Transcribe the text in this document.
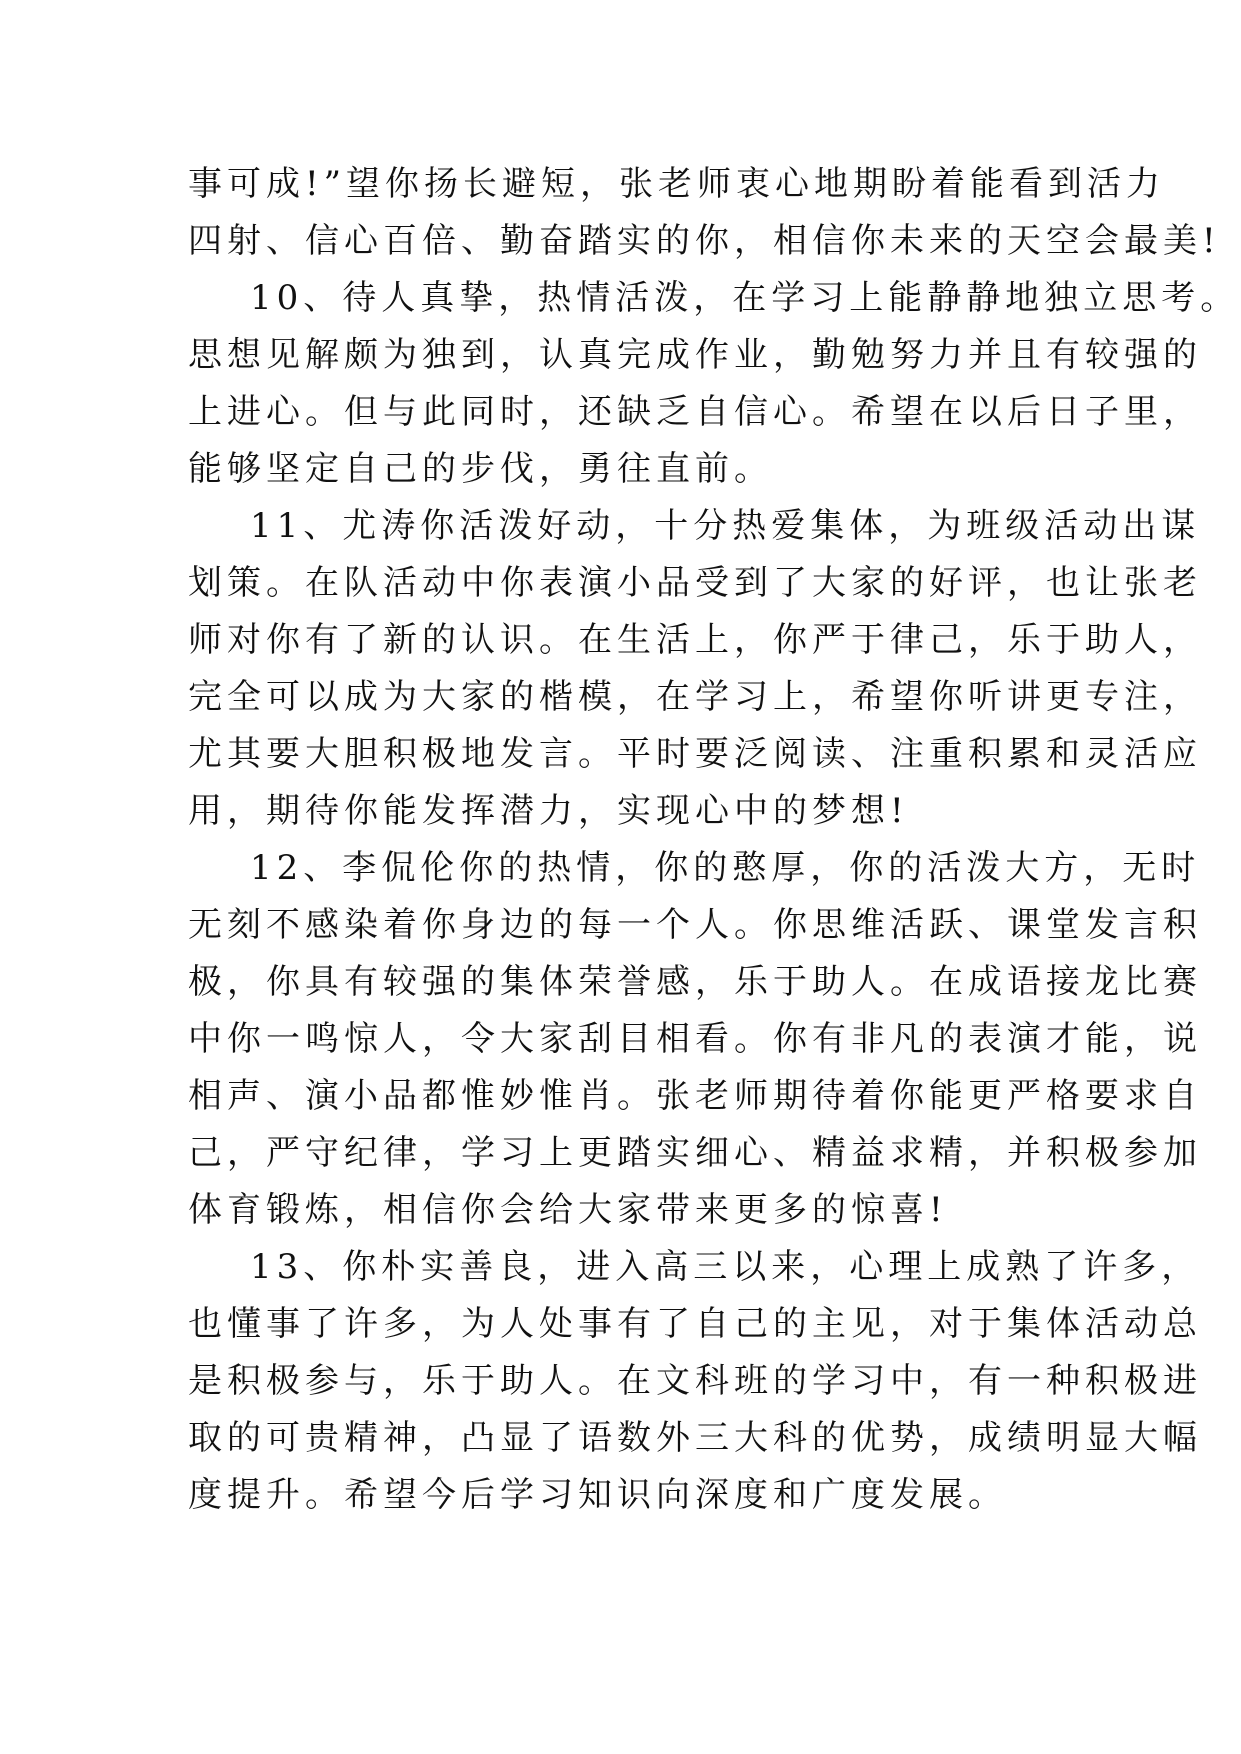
事可成!”望你扬长避短，张老师衷心地期盼着能看到活力
四射、信心百倍、勤奋踏实的你，相信你未来的天空会最美!
10、待人真挚，热情活泼，在学习上能静静地独立思考。
思想见解颇为独到，认真完成作业，勤勉努力并且有较强的
上进心。但与此同时，还缺乏自信心。希望在以后日子里，
能够坚定自己的步伐，勇往直前。
11、尤涛你活泼好动，十分热爱集体，为班级活动出谋
划策。在队活动中你表演小品受到了大家的好评，也让张老
师对你有了新的认识。在生活上，你严于律己，乐于助人，
完全可以成为大家的楷模，在学习上，希望你听讲更专注，
尤其要大胆积极地发言。平时要泛阅读、注重积累和灵活应
用，期待你能发挥潜力，实现心中的梦想!
12、李侃伦你的热情，你的憨厚，你的活泼大方，无时
无刻不感染着你身边的每一个人。你思维活跃、课堂发言积
极，你具有较强的集体荣誉感，乐于助人。在成语接龙比赛
中你一鸣惊人，令大家刮目相看。你有非凡的表演才能，说
相声、演小品都惟妙惟肖。张老师期待着你能更严格要求自
己，严守纪律，学习上更踏实细心、精益求精，并积极参加
体育锻炼，相信你会给大家带来更多的惊喜!
13、你朴实善良，进入高三以来，心理上成熟了许多，
也懂事了许多，为人处事有了自己的主见，对于集体活动总
是积极参与，乐于助人。在文科班的学习中，有一种积极进
取的可贵精神，凸显了语数外三大科的优势，成绩明显大幅
度提升。希望今后学习知识向深度和广度发展。
